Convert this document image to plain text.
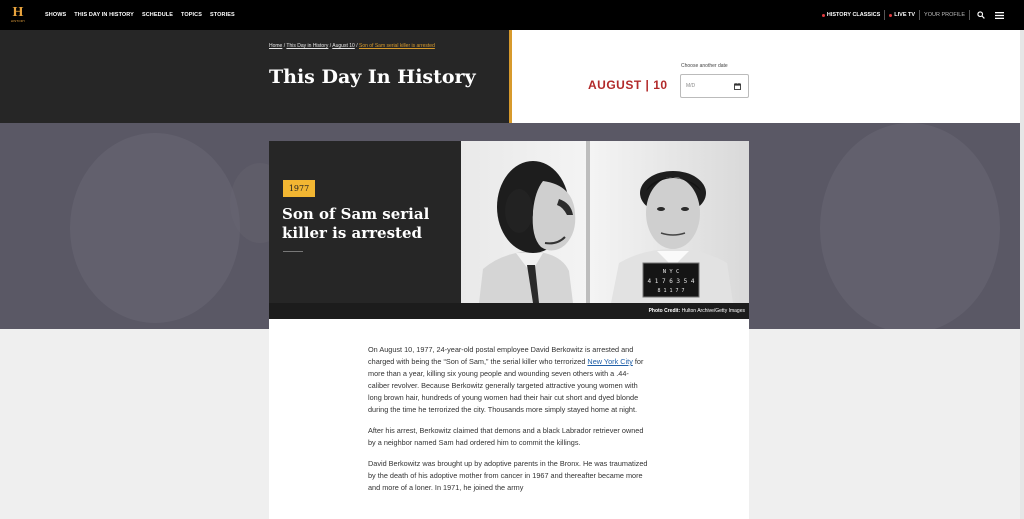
H
HISTORY
SHOWS THIS DAY IN HISTORY SCHEDULE TOPICS STORIES	HISTORY CLASSICS	LIVE TV	YOUR PROFILE
Home / This Day in History / August 10 / Son of Sam serial killer is arrested
This Day In History	AUGUST | 10
Choose another date
M/D
1977
Son of Sam serial killer is arrested
N Y C
4 1 7 6 3 5 4
8 1 1 7 7
Photo Credit: Hulton Archive/Getty Images

On August 10, 1977, 24-year-old postal employee David Berkowitz is arrested and charged with being the “Son of Sam,” the serial killer who terrorized New York City for more than a year, killing six young people and wounding seven others with a .44-caliber revolver. Because Berkowitz generally targeted attractive young women with long brown hair, hundreds of young women had their hair cut short and dyed blonde during the time he terrorized the city. Thousands more simply stayed home at night.

After his arrest, Berkowitz claimed that demons and a black Labrador retriever owned by a neighbor named Sam had ordered him to commit the killings.

David Berkowitz was brought up by adoptive parents in the Bronx. He was traumatized by the death of his adoptive mother from cancer in 1967 and thereafter became more and more of a loner. In 1971, he joined the army
